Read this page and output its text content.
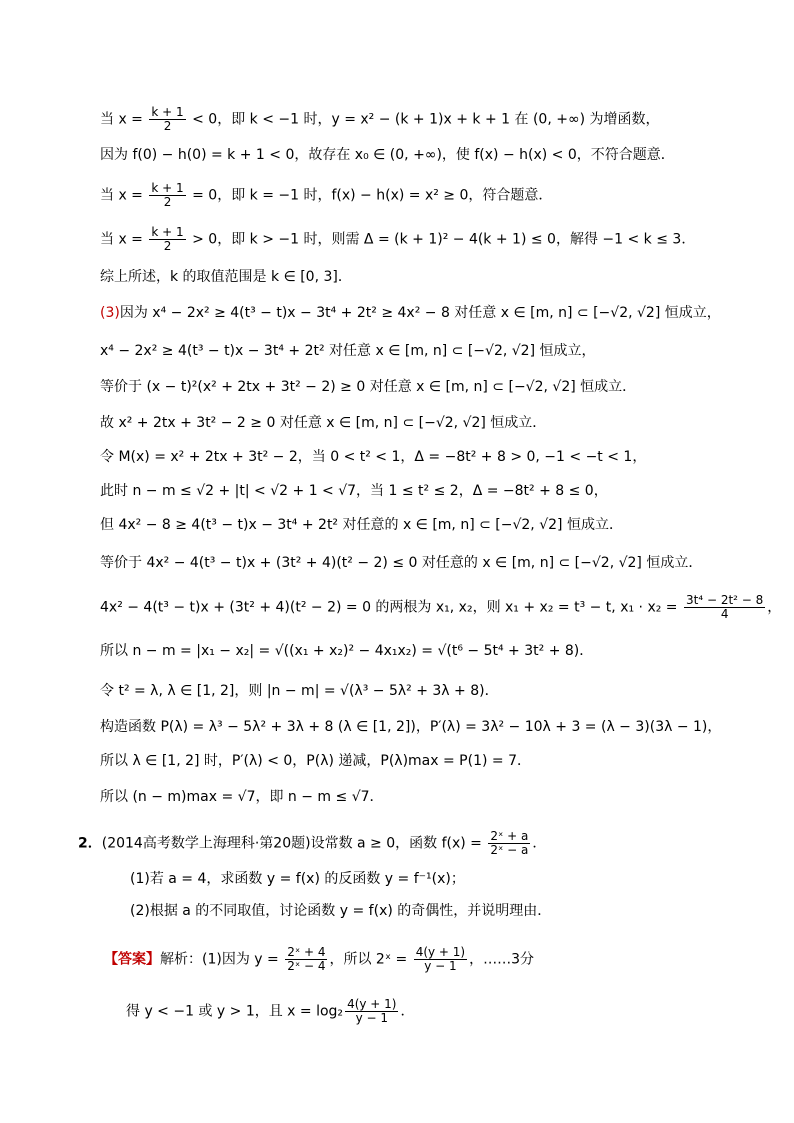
当 $x = \frac{k + 1}{2} < 0$，即 k < −1 时，y = x² − (k + 1)x + k + 1 在 (0, +∞) 为增函数，
因为 f(0) − h(0) = k + 1 < 0，故存在 x₀ ∈ (0, +∞)，使 f(x) − h(x) < 0，不符合题意．
当 $x = \frac{k + 1}{2} = 0$，即 k = −1 时，f(x) − h(x) = x² ≥ 0，符合题意．
当 $x = \frac{k + 1}{2} > 0$，即 k > −1 时，则需 Δ = (k + 1)² − 4(k + 1) ≤ 0，解得 −1 < k ≤ 3．
综上所述，k 的取值范围是 k ∈ [0, 3]．
(3)因为 x⁴ − 2x² ≥ 4(t³ − t)x − 3t⁴ + 2t² ≥ 4x² − 8 对任意 x ∈ [m, n] ⊂ [−√2, √2] 恒成立，
x⁴ − 2x² ≥ 4(t³ − t)x − 3t⁴ + 2t² 对任意 x ∈ [m, n] ⊂ [−√2, √2] 恒成立，
等价于 (x − t)²(x² + 2tx + 3t² − 2) ≥ 0 对任意 x ∈ [m, n] ⊂ [−√2, √2] 恒成立．
故 x² + 2tx + 3t² − 2 ≥ 0 对任意 x ∈ [m, n] ⊂ [−√2, √2] 恒成立．
令 M(x) = x² + 2tx + 3t² − 2，当 0 < t² < 1，Δ = −8t² + 8 > 0, −1 < −t < 1，
此时 n − m ≤ √2 + |t| < √2 + 1 < √7，当 1 ≤ t² ≤ 2，Δ = −8t² + 8 ≤ 0，
但 4x² − 8 ≥ 4(t³ − t)x − 3t⁴ + 2t² 对任意的 x ∈ [m, n] ⊂ [−√2, √2] 恒成立．
等价于 4x² − 4(t³ − t)x + (3t² + 4)(t² − 2) ≤ 0 对任意的 x ∈ [m, n] ⊂ [−√2, √2] 恒成立．
4x² − 4(t³ − t)x + (3t² + 4)(t² − 2) = 0 的两根为 x₁, x₂，则 x₁ + x₂ = t³ − t, $x_1 \cdot x_2 = \frac{\text{3t⁴ − 2t² − 8}}{4}$ ，
所以 n − m = |x₁ − x₂| = √((x₁ + x₂)² − 4x₁x₂) = √(t⁶ − 5t⁴ + 3t² + 8)．
令 t² = λ, λ ∈ [1, 2]，则 |n − m| = √(λ³ − 5λ² + 3λ + 8)．
构造函数 P(λ) = λ³ − 5λ² + 3λ + 8 (λ ∈ [1, 2])，P′(λ) = 3λ² − 10λ + 3 = (λ − 3)(3λ − 1)，
所以 λ ∈ [1, 2] 时，P′(λ) < 0，P(λ) 递减，P(λ)max = P(1) = 7．
所以 (n − m)max = √7，即 n − m ≤ √7．
2．(2014高考数学上海理科·第20题)设常数 a ≥ 0，函数 $f(x) = \frac{\text{2ˣ + a}}{\text{2ˣ − a}}$ ．
(1)若 a = 4，求函数 y = f(x) 的反函数 y = f⁻¹(x)；
(2)根据 a 的不同取值，讨论函数 y = f(x) 的奇偶性，并说明理由．
【答案】解析：(1)因为 $y = \frac{\text{2ˣ + 4}}{\text{2ˣ − 4}}$ ，所以 2ˣ = $\frac{4(y + 1)}{y - 1}$ ，……3分
得 y < −1 或 y > 1，且 $x = \log_2 \frac{4(y + 1)}{y - 1}$ ．
